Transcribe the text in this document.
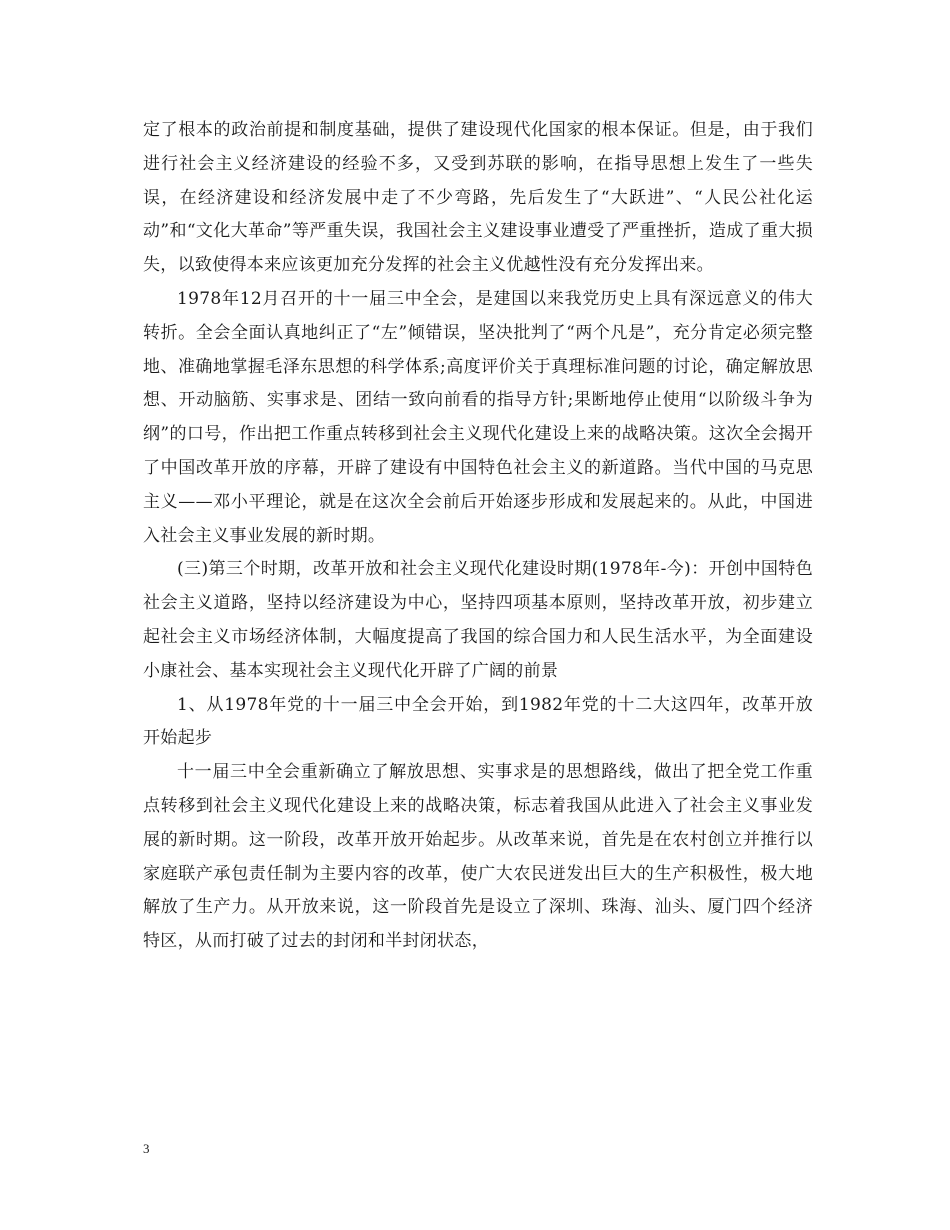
定了根本的政治前提和制度基础，提供了建设现代化国家的根本保证。但是，由于我们进行社会主义经济建设的经验不多，又受到苏联的影响，在指导思想上发生了一些失误，在经济建设和经济发展中走了不少弯路，先后发生了“大跃进”、“人民公社化运动”和“文化大革命”等严重失误，我国社会主义建设事业遭受了严重挫折，造成了重大损失，以致使得本来应该更加充分发挥的社会主义优越性没有充分发挥出来。

1978年12月召开的十一届三中全会，是建国以来我党历史上具有深远意义的伟大转折。全会全面认真地纠正了“左”倾错误，坚决批判了“两个凡是”，充分肯定必须完整地、准确地掌握毛泽东思想的科学体系;高度评价关于真理标准问题的讨论，确定解放思想、开动脑筋、实事求是、团结一致向前看的指导方针;果断地停止使用“以阶级斗争为纲”的口号，作出把工作重点转移到社会主义现代化建设上来的战略决策。这次全会揭开了中国改革开放的序幕，开辟了建设有中国特色社会主义的新道路。当代中国的马克思主义——邓小平理论，就是在这次全会前后开始逐步形成和发展起来的。从此，中国进入社会主义事业发展的新时期。

(三)第三个时期，改革开放和社会主义现代化建设时期(1978年-今)：开创中国特色社会主义道路，坚持以经济建设为中心，坚持四项基本原则，坚持改革开放，初步建立起社会主义市场经济体制，大幅度提高了我国的综合国力和人民生活水平，为全面建设小康社会、基本实现社会主义现代化开辟了广阔的前景

1、从1978年党的十一届三中全会开始，到1982年党的十二大这四年，改革开放开始起步

十一届三中全会重新确立了解放思想、实事求是的思想路线，做出了把全党工作重点转移到社会主义现代化建设上来的战略决策，标志着我国从此进入了社会主义事业发展的新时期。这一阶段，改革开放开始起步。从改革来说，首先是在农村创立并推行以家庭联产承包责任制为主要内容的改革，使广大农民迸发出巨大的生产积极性，极大地解放了生产力。从开放来说，这一阶段首先是设立了深圳、珠海、汕头、厦门四个经济特区，从而打破了过去的封闭和半封闭状态，

3
